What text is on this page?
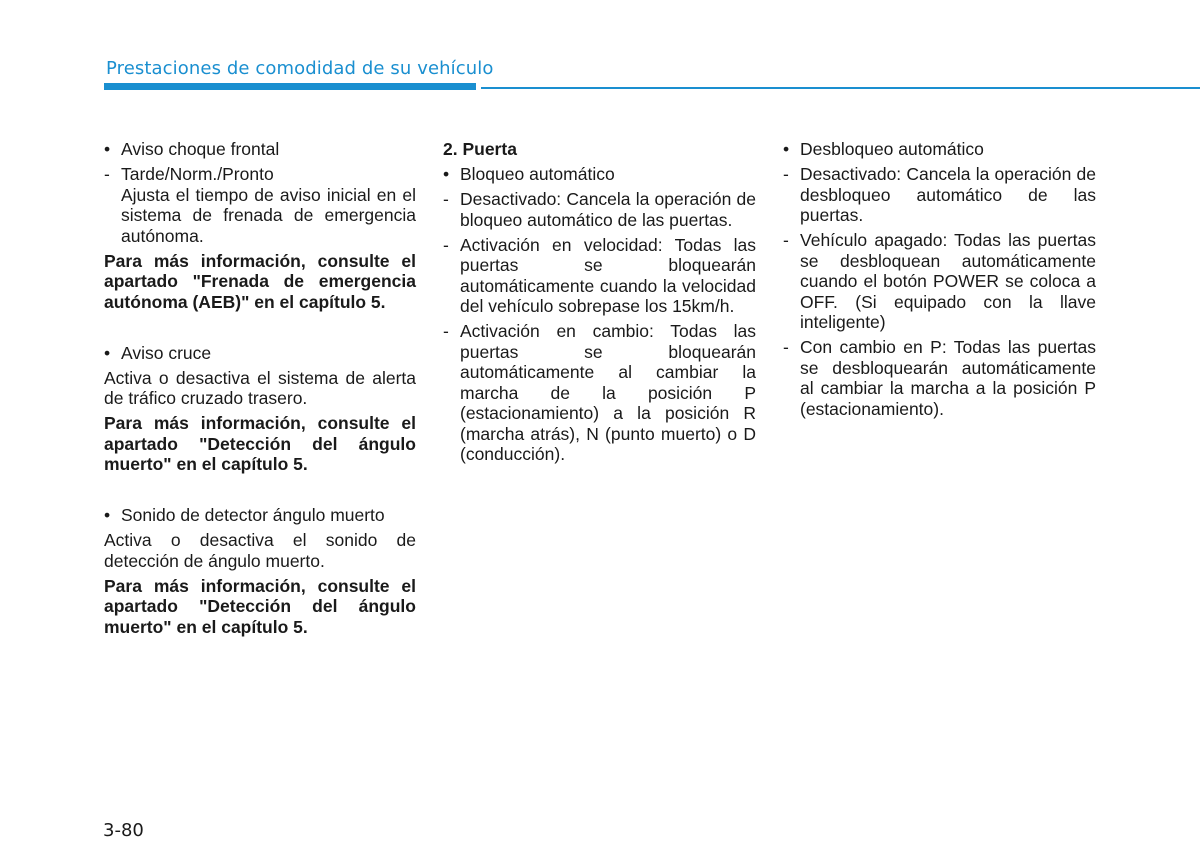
Prestaciones de comodidad de su vehículo
• Aviso choque frontal
- Tarde/Norm./Pronto
Ajusta el tiempo de aviso inicial en el sistema de frenada de emergencia autónoma.
Para más información, consulte el apartado "Frenada de emergencia autónoma (AEB)" en el capítulo 5.
• Aviso cruce
Activa o desactiva el sistema de alerta de tráfico cruzado trasero.
Para más información, consulte el apartado "Detección del ángulo muerto" en el capítulo 5.
• Sonido de detector ángulo muerto
Activa o desactiva el sonido de detección de ángulo muerto.
Para más información, consulte el apartado "Detección del ángulo muerto" en el capítulo 5.
2. Puerta
• Bloqueo automático
- Desactivado: Cancela la operación de bloqueo automático de las puertas.
- Activación en velocidad: Todas las puertas se bloquearán automáticamente cuando la velocidad del vehículo sobrepase los 15km/h.
- Activación en cambio: Todas las puertas se bloquearán automáticamente al cambiar la marcha de la posición P (estacionamiento) a la posición R (marcha atrás), N (punto muerto) o D (conducción).
• Desbloqueo automático
- Desactivado: Cancela la operación de desbloqueo automático de las puertas.
- Vehículo apagado: Todas las puertas se desbloquean automáticamente cuando el botón POWER se coloca a OFF. (Si equipado con la llave inteligente)
- Con cambio en P: Todas las puertas se desbloquearán automáticamente al cambiar la marcha a la posición P (estacionamiento).
3-80
